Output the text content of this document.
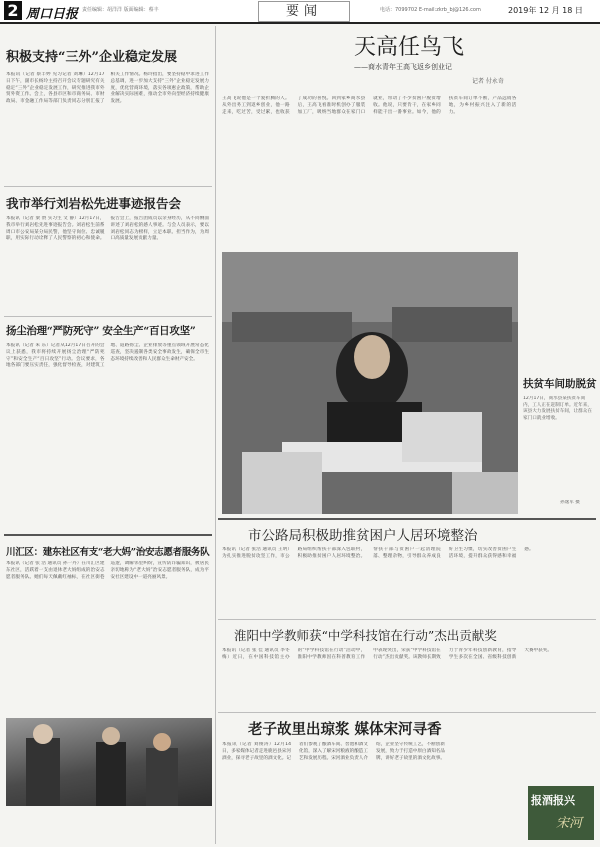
2 周口日报 责任编辑：胡洋洋 版面编辑：蔡丰	要闻	电话：7099702 E-mail:zkrb_bj@126.com	2019年 12 月 18 日
积极支持“三外”企业稳定发展
本报讯（记者 蔡丰婷 见习记者 刘琳）12月17日下午，副市长杨玲主持召开会议专题研究有关稳定“三外”企业稳定发展工作，研究推进我市外贸外资工作。会上，各县市区和市商务局、市财政局、市金融工作局等部门负责同志分别汇报了相关工作情况。杨玲指出，要坚持稳中求进工作总基调，进一步加大支持“三外”企业稳定发展力度，优化营商环境，落实各项惠企政策，帮助企业解决实际困难，推动全市外向型经济持续健康发展。
我市举行刘岩松先进事迹报告会
本报讯（记者 梁 赞 实习生 文 静）12月17日，我市举行刘岩松先进事迹报告会。刘岩松生前系周口市公安局某分局民警，他坚守岗位、忠诚履职，用实际行动诠释了人民警察的初心和使命。报告会上，报告团成员以亲身经历，从不同侧面讲述了刘岩松的感人事迹。与会人员表示，要以刘岩松同志为榜样，立足本职、担当作为，为周口高质量发展贡献力量。
扬尘治理“严防死守” 安全生产“百日攻坚”
本报讯（记者 朱 东）记者从12月17日召开的会议上获悉，我市将持续开展扬尘治理“严防死守”和安全生产“百日攻坚”行动。会议要求，各地各部门要压实责任，强化督导检查，对建筑工地、道路扬尘、企业排放等重点领域开展常态化巡查，坚决遏制各类安全事故发生，确保全市生态环境持续改善和人民群众生命财产安全。
川汇区：建东社区有支“老大妈”治安志愿者服务队
本报讯（记者 张 浩 通讯员 孙一丹）在川汇区建东社区，活跃着一支由退休老大妈组成的治安志愿者服务队。她们每天佩戴红袖标，在社区街巷巡逻，调解邻里纠纷，宣传防诈骗知识，被居民亲切地称为“老大妈”治安志愿者服务队，成为平安社区建设中一道亮丽风景。
天高任鸟飞
——商水青年王高飞返乡创业记
记者 付永奇
王高飞说他是一个爱折腾的人。从外出务工到返乡创业，他一路走来，吃过苦，受过累，也收获了成功的喜悦。回到家乡商水县后，王高飞看准时机创办了服装加工厂，吸纳当地群众在家门口就业，带动了不少贫困户脱贫增收。他说，只要肯干，在家乡同样能干出一番事业。如今，他的扶贫车间订单不断，产品远销各地，为乡村振兴注入了新的活力。
扶贫车间助脱贫
12月17日，商水县某扶贫车间内，工人正在赶制订单。近年来，该县大力发展扶贫车间，让群众在家门口就业增收。
孙逸军 摄
市公路局积极助推贫困户人居环境整治
本报讯（记者 张浩 通讯员 王明）为扎实推进脱贫攻坚工作，市公路局组织帮扶干部深入包联村，积极助推贫困户人居环境整治。帮扶干部与贫困户一起清理院落、整理杂物，引导群众养成良好卫生习惯，切实改善贫困户生活环境，提升群众获得感和幸福感。
淮阳中学教师获“中学科技馆在行动”杰出贡献奖
本报讯（记者 张 佳 通讯员 李冬梅）近日，在中国科技馆主办的“中学科技馆在行动”活动中，淮阳中学教师因在科普教育工作中表现突出，荣获“中学科技馆在行动”杰出贡献奖。该教师长期致力于青少年科技创新教育，指导学生多次在全国、省级科技创新大赛中获奖。
老子故里出琼浆 媒体宋河寻香
本报讯（记者 刘俊涛）12月14日，多家媒体记者走进鹿邑县宋河酒业，探寻老子故里的酒文化。记者们参观了酿酒车间、窖池和酒文化馆，深入了解宋河粮液的酿造工艺和发展历程。宋河酒业负责人介绍，企业坚守传统工艺，不断创新发展，致力于打造中原白酒知名品牌，讲好老子故里的酒文化故事。
报酒报兴
宋河
